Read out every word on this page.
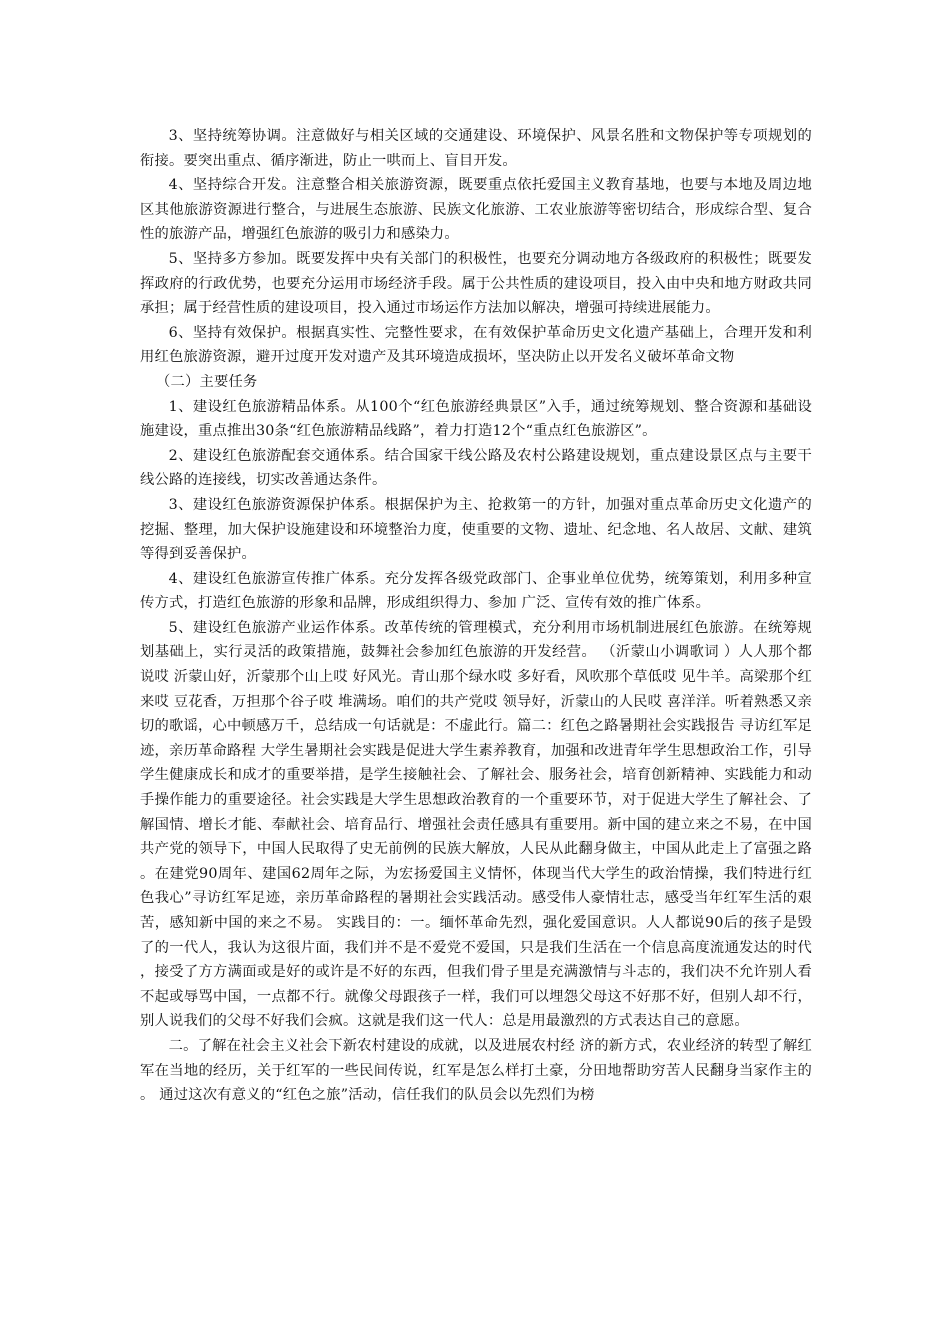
3、坚持统筹协调。注意做好与相关区域的交通建设、环境保护、风景名胜和文物保护等专项规划的衔接。要突出重点、循序渐进，防止一哄而上、盲目开发。

4、坚持综合开发。注意整合相关旅游资源，既要重点依托爱国主义教育基地，也要与本地及周边地区其他旅游资源进行整合，与进展生态旅游、民族文化旅游、工农业旅游等密切结合，形成综合型、复合性的旅游产品，增强红色旅游的吸引力和感染力。

5、坚持多方参加。既要发挥中央有关部门的积极性，也要充分调动地方各级政府的积极性；既要发挥政府的行政优势，也要充分运用市场经济手段。属于公共性质的建设项目，投入由中央和地方财政共同承担；属于经营性质的建设项目，投入通过市场运作方法加以解决，增强可持续进展能力。

6、坚持有效保护。根据真实性、完整性要求，在有效保护革命历史文化遗产基础上，合理开发和利用红色旅游资源，避开过度开发对遗产及其环境造成损坏，坚决防止以开发名义破坏革命文物

（二）主要任务

1、建设红色旅游精品体系。从100个“红色旅游经典景区”入手，通过统筹规划、整合资源和基础设施建设，重点推出30条“红色旅游精品线路”，着力打造12个“重点红色旅游区”。

2、建设红色旅游配套交通体系。结合国家干线公路及农村公路建设规划，重点建设景区点与主要干线公路的连接线，切实改善通达条件。

3、建设红色旅游资源保护体系。根据保护为主、抢救第一的方针，加强对重点革命历史文化遗产的挖掘、整理，加大保护设施建设和环境整治力度，使重要的文物、遗址、纪念地、名人故居、文献、建筑等得到妥善保护。

4、建设红色旅游宣传推广体系。充分发挥各级党政部门、企事业单位优势，统筹策划，利用多种宣传方式，打造红色旅游的形象和品牌，形成组织得力、参加 广泛、宣传有效的推广体系。

5、建设红色旅游产业运作体系。改革传统的管理模式，充分利用市场机制进展红色旅游。在统筹规划基础上，实行灵活的政策措施，鼓舞社会参加红色旅游的开发经营。 （沂蒙山小调歌词 ）人人那个都说哎 沂蒙山好，沂蒙那个山上哎 好风光。青山那个绿水哎 多好看，风吹那个草低哎 见牛羊。高梁那个红来哎 豆花香，万担那个谷子哎 堆满场。咱们的共产党哎 领导好，沂蒙山的人民哎 喜洋洋。听着熟悉又亲切的歌谣，心中顿感万千，总结成一句话就是：不虚此行。篇二：红色之路暑期社会实践报告 寻访红军足迹，亲历革命路程 大学生暑期社会实践是促进大学生素养教育，加强和改进青年学生思想政治工作，引导学生健康成长和成才的重要举措，是学生接触社会、了解社会、服务社会，培育创新精神、实践能力和动手操作能力的重要途径。社会实践是大学生思想政治教育的一个重要环节，对于促进大学生了解社会、了解国情、增长才能、奉献社会、培育品行、增强社会责任感具有重要用。新中国的建立来之不易，在中国共产党的领导下，中国人民取得了史无前例的民族大解放，人民从此翻身做主，中国从此走上了富强之路。在建党90周年、建国62周年之际，为宏扬爱国主义情怀，体现当代大学生的政治情操，我们特进行红色我心”寻访红军足迹，亲历革命路程的暑期社会实践活动。感受伟人豪情壮志，感受当年红军生活的艰苦，感知新中国的来之不易。 实践目的：一。缅怀革命先烈，强化爱国意识。人人都说90后的孩子是毁了的一代人，我认为这很片面，我们并不是不爱党不爱国，只是我们生活在一个信息高度流通发达的时代，接受了方方满面或是好的或许是不好的东西，但我们骨子里是充满激情与斗志的，我们决不允许别人看不起或辱骂中国，一点都不行。就像父母跟孩子一样，我们可以埋怨父母这不好那不好，但别人却不行，别人说我们的父母不好我们会疯。这就是我们这一代人：总是用最激烈的方式表达自己的意愿。

二。了解在社会主义社会下新农村建设的成就，以及进展农村经 济的新方式，农业经济的转型了解红军在当地的经历，关于红军的一些民间传说，红军是怎么样打土豪，分田地帮助穷苦人民翻身当家作主的。 通过这次有意义的“红色之旅”活动，信任我们的队员会以先烈们为榜
